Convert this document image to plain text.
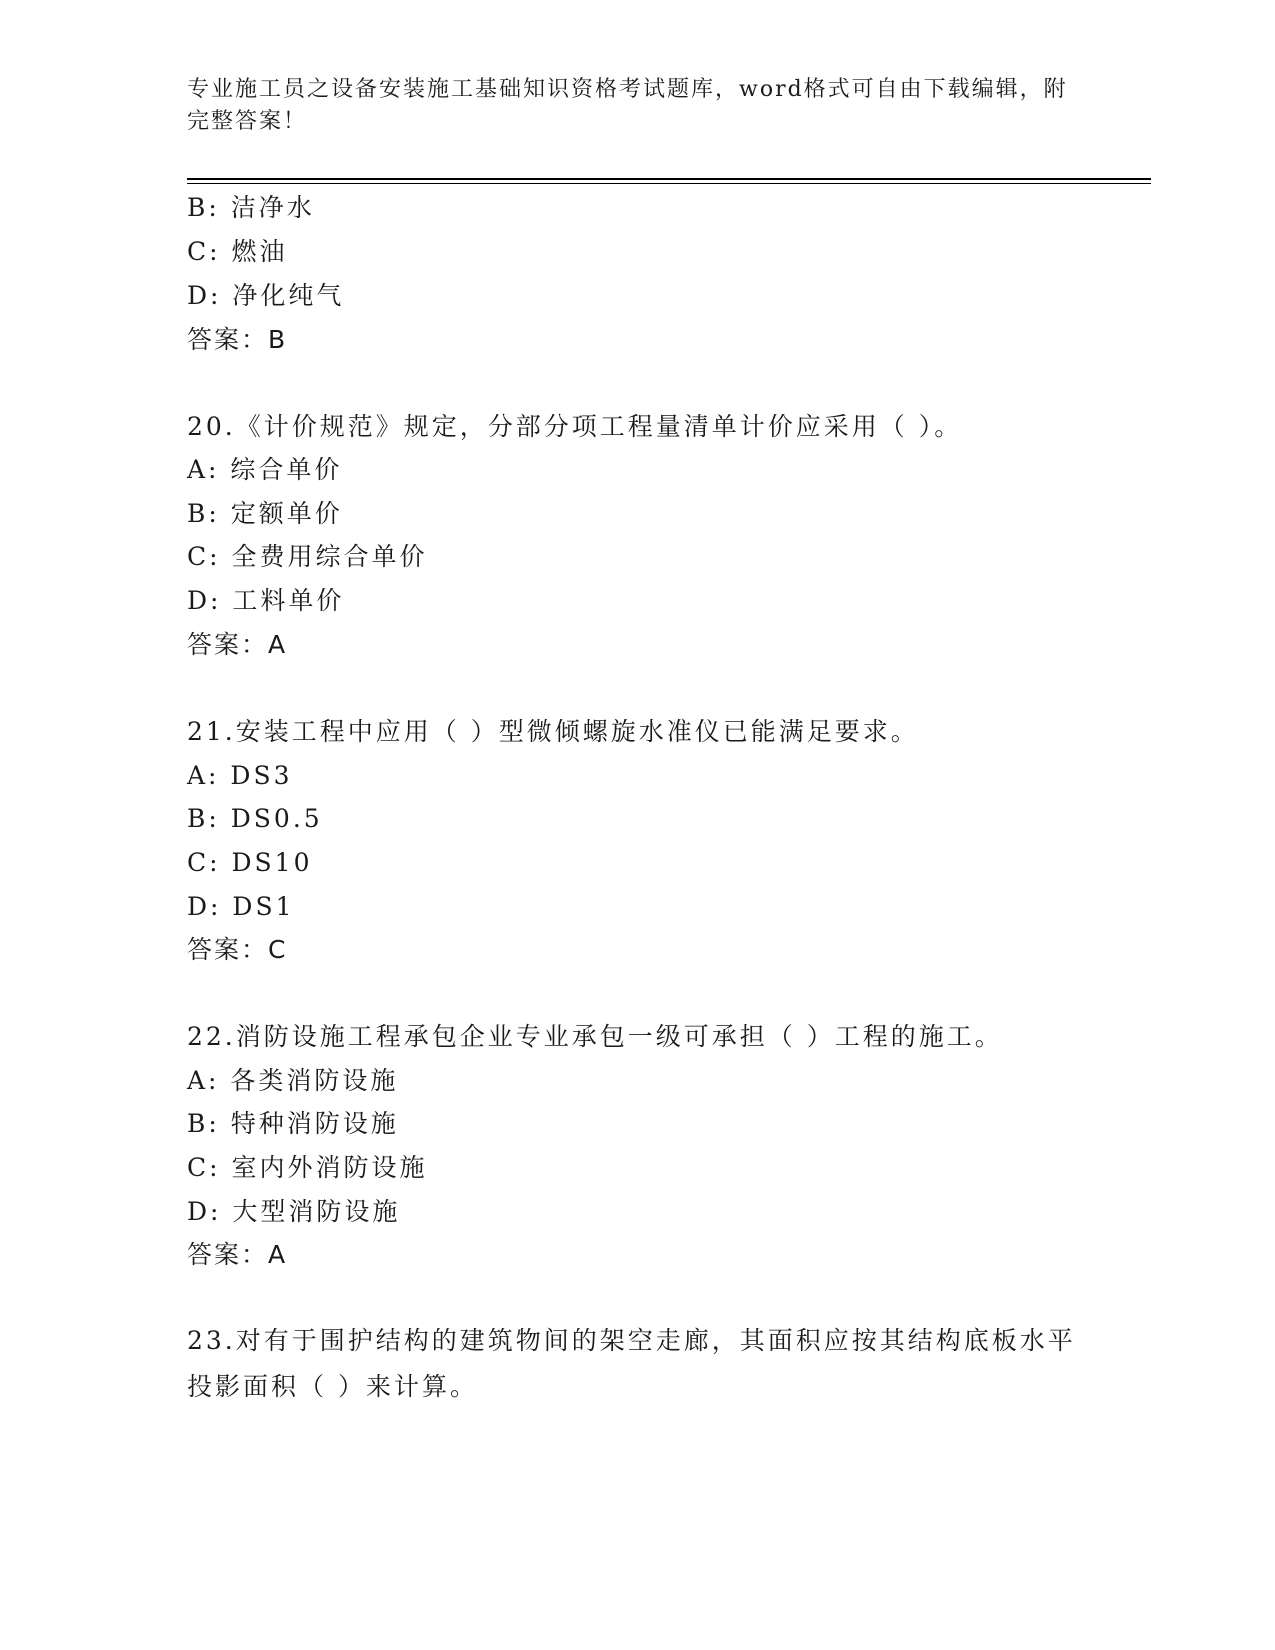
专业施工员之设备安装施工基础知识资格考试题库，word格式可自由下载编辑，附完整答案！
B: 洁净水
C: 燃油
D: 净化纯气
答案：B
20.《计价规范》规定，分部分项工程量清单计价应采用（ ）。
A: 综合单价
B: 定额单价
C: 全费用综合单价
D: 工料单价
答案：A
21.安装工程中应用（ ）型微倾螺旋水准仪已能满足要求。
A: DS3
B: DS0.5
C: DS10
D: DS1
答案：C
22.消防设施工程承包企业专业承包一级可承担（ ）工程的施工。
A: 各类消防设施
B: 特种消防设施
C: 室内外消防设施
D: 大型消防设施
答案：A
23.对有于围护结构的建筑物间的架空走廊，其面积应按其结构底板水平投影面积（ ）来计算。
